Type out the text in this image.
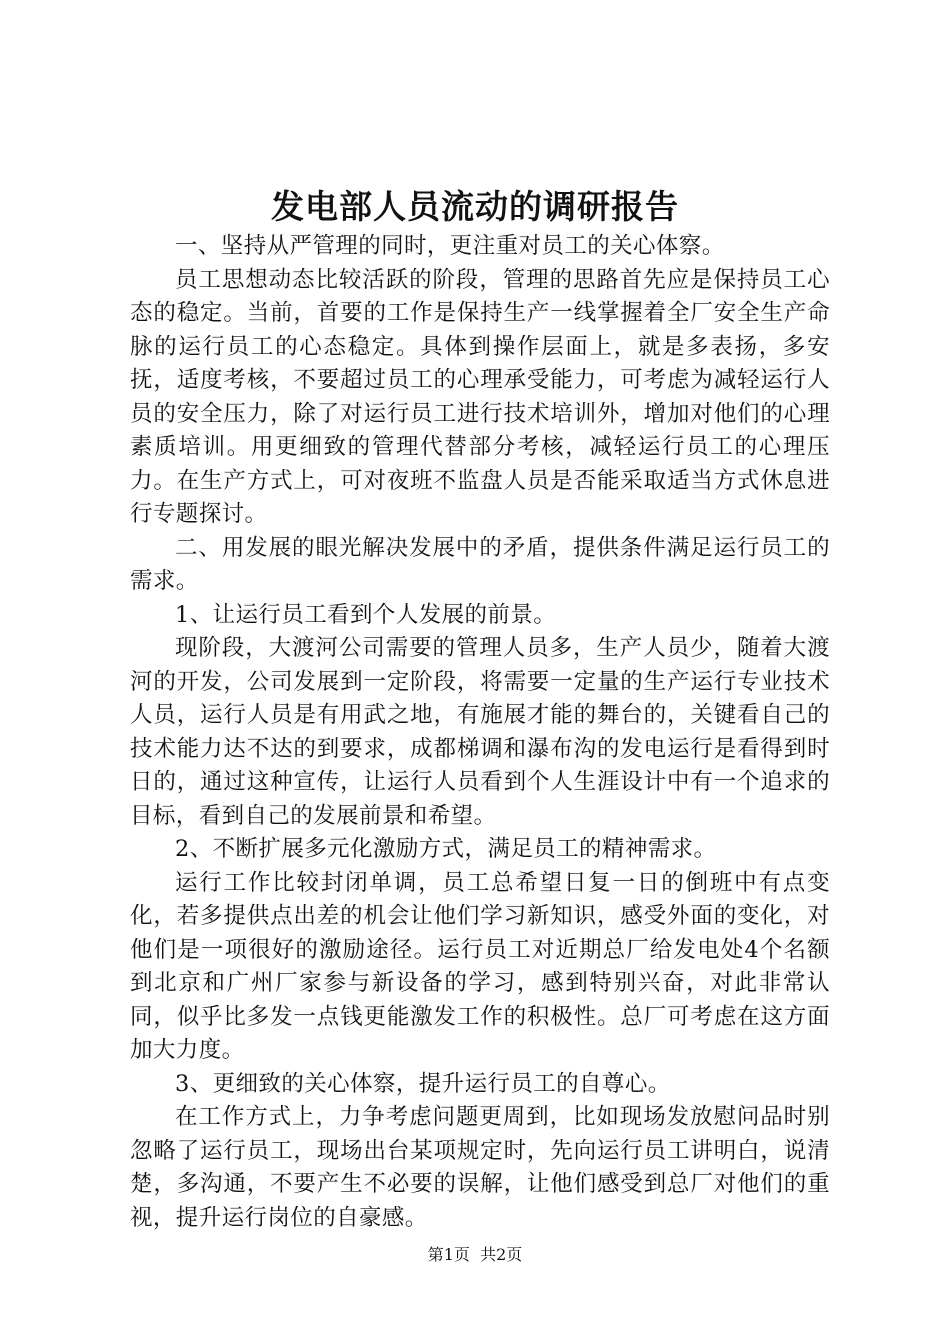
发电部人员流动的调研报告

一、坚持从严管理的同时，更注重对员工的关心体察。

员工思想动态比较活跃的阶段，管理的思路首先应是保持员工心态的稳定。当前，首要的工作是保持生产一线掌握着全厂安全生产命脉的运行员工的心态稳定。具体到操作层面上，就是多表扬，多安抚，适度考核，不要超过员工的心理承受能力，可考虑为减轻运行人员的安全压力，除了对运行员工进行技术培训外，增加对他们的心理素质培训。用更细致的管理代替部分考核，减轻运行员工的心理压力。在生产方式上，可对夜班不监盘人员是否能采取适当方式休息进行专题探讨。

二、用发展的眼光解决发展中的矛盾，提供条件满足运行员工的需求。

1、让运行员工看到个人发展的前景。

现阶段，大渡河公司需要的管理人员多，生产人员少，随着大渡河的开发，公司发展到一定阶段，将需要一定量的生产运行专业技术人员，运行人员是有用武之地，有施展才能的舞台的，关键看自己的技术能力达不达的到要求，成都梯调和瀑布沟的发电运行是看得到时日的，通过这种宣传，让运行人员看到个人生涯设计中有一个追求的目标，看到自己的发展前景和希望。

2、不断扩展多元化激励方式，满足员工的精神需求。

运行工作比较封闭单调，员工总希望日复一日的倒班中有点变化，若多提供点出差的机会让他们学习新知识，感受外面的变化，对他们是一项很好的激励途径。运行员工对近期总厂给发电处4个名额到北京和广州厂家参与新设备的学习，感到特别兴奋，对此非常认同，似乎比多发一点钱更能激发工作的积极性。总厂可考虑在这方面加大力度。

3、更细致的关心体察，提升运行员工的自尊心。

在工作方式上，力争考虑问题更周到，比如现场发放慰问品时别忽略了运行员工，现场出台某项规定时，先向运行员工讲明白，说清楚，多沟通，不要产生不必要的误解，让他们感受到总厂对他们的重视，提升运行岗位的自豪感。

第1页  共2页
